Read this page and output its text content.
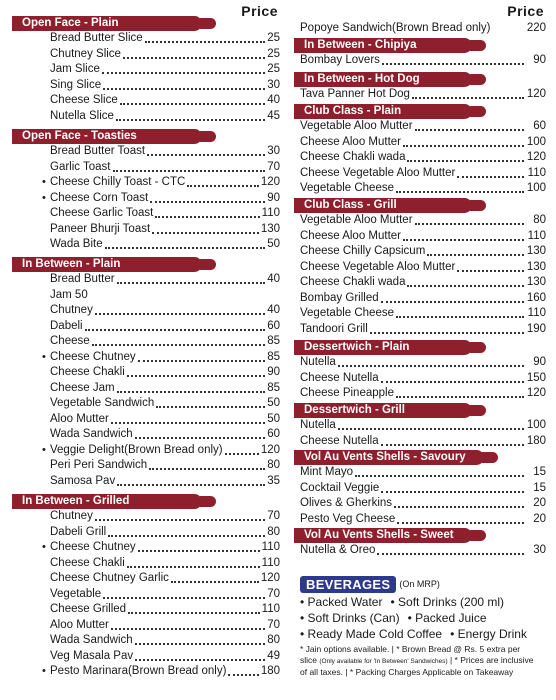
Price
Open Face - Plain
Bread Butter Slice	25
Chutney Slice	25
Jam Slice	25
Sing Slice	30
Cheese Slice	40
Nutella Slice	45
Open Face - Toasties
Bread Butter Toast	30
Garlic Toast	70
• Cheese Chilly Toast - CTC	120
• Cheese Corn Toast	90
Cheese Garlic Toast	110
Paneer Bhurji Toast	130
Wada Bite	50
In Between - Plain
Bread Butter	40
Jam 50
Chutney	40
Dabeli	60
Cheese	85
• Cheese Chutney	85
Cheese Chakli	90
Cheese Jam	85
Vegetable Sandwich	50
Aloo Mutter	50
Wada Sandwich	60
• Veggie Delight(Brown Bread only)	120
Peri Peri Sandwich	80
Samosa Pav	35
In Between - Grilled
Chutney	70
Dabeli Grill	80
• Cheese Chutney	110
Cheese Chakli	110
Cheese Chutney Garlic	120
Vegetable	70
Cheese Grilled	110
Aloo Mutter	70
Wada Sandwich	80
Veg Masala Pav	49
• Pesto Marinara(Brown Bread only)	180
Price
Popoye Sandwich(Brown Bread only)	220
In Between - Chipiya
Bombay Lovers	90
In Between - Hot Dog
Tava Panner Hot Dog	120
Club Class - Plain
Vegetable Aloo Mutter	60
Cheese Aloo Mutter	100
Cheese Chakli wada	120
Cheese Vegetable Aloo Mutter	110
Vegetable Cheese	100
Club Class - Grill
Vegetable Aloo Mutter	80
Cheese Aloo Mutter	110
Cheese Chilly Capsicum	130
Cheese Vegetable Aloo Mutter	130
Cheese Chakli wada	130
Bombay Grilled	160
Vegetable Cheese	110
Tandoori Grill	190
Dessertwich - Plain
Nutella	90
Cheese Nutella	150
Cheese Pineapple	120
Dessertwich - Grill
Nutella	100
Cheese Nutella	180
Vol Au Vents Shells - Savoury
Mint Mayo	15
Cocktail Veggie	15
Olives & Gherkins	20
Pesto Veg Cheese	20
Vol Au Vents Shells - Sweet
Nutella & Oreo	30
BEVERAGES	(On MRP)
• Packed Water • Soft Drinks (200 ml)
• Soft Drinks (Can) • Packed Juice
• Ready Made Cold Coffee • Energy Drink
* Jain options available. | * Brown Bread @ Rs. 5 extra per
slice (Only available for 'In Between' Sandwiches) | * Prices are inclusive
of all taxes. | * Packing Charges Applicable on Takeaway
